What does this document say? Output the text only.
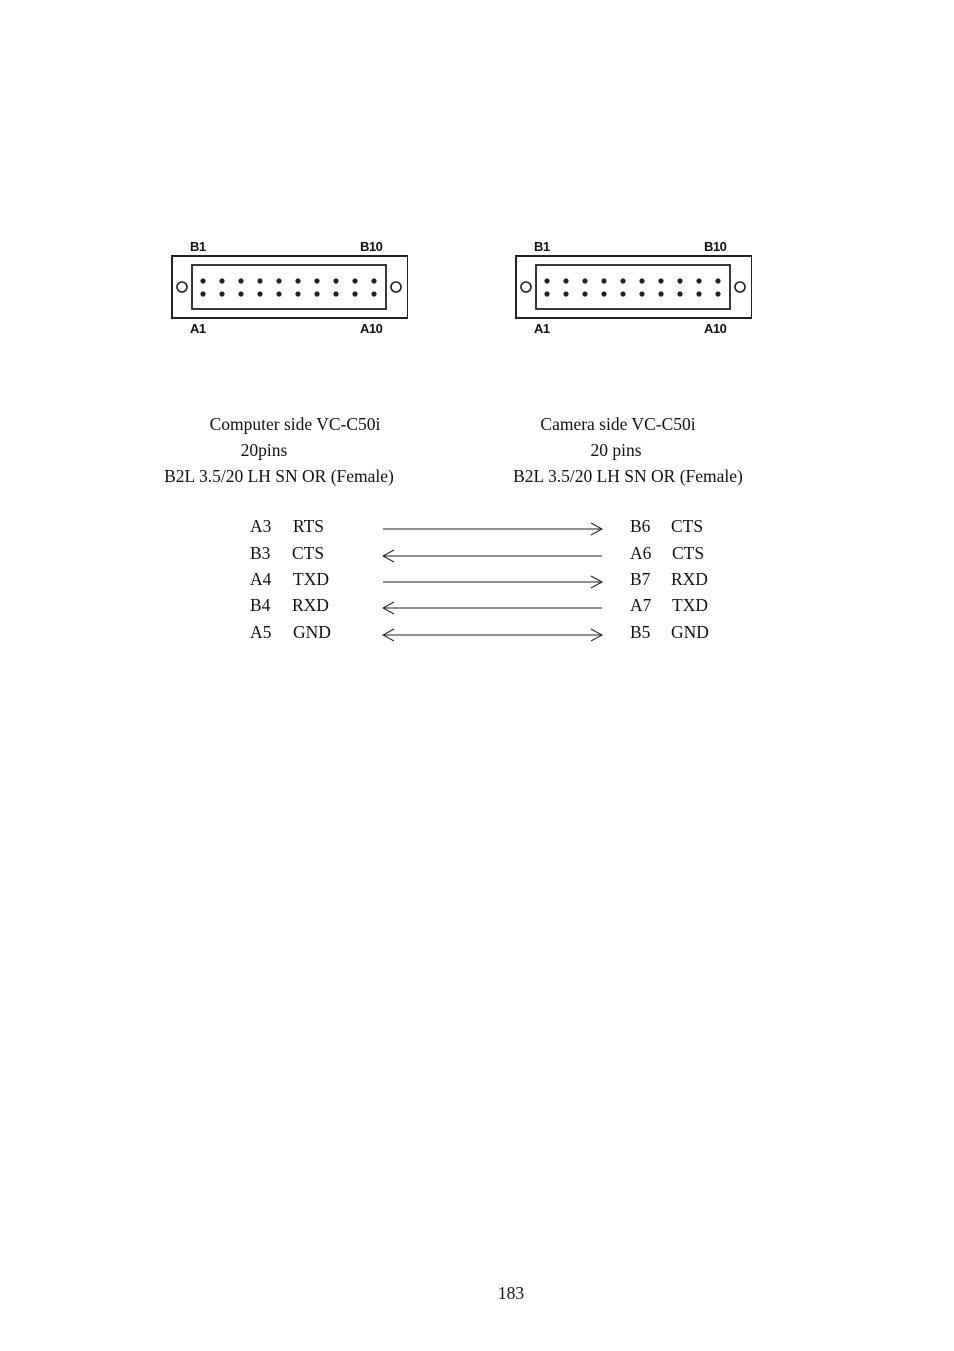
B1	B10
A1	A10
B1	B10
A1	A10
Computer side VC-C50i
20pins
B2L 3.5/20 LH SN OR (Female)
Camera side VC-C50i
20 pins
B2L 3.5/20 LH SN OR (Female)
A3 RTS	B6 CTS
B3 CTS	A6 CTS
A4 TXD	B7 RXD
B4 RXD	A7 TXD
A5 GND	B5 GND
183
